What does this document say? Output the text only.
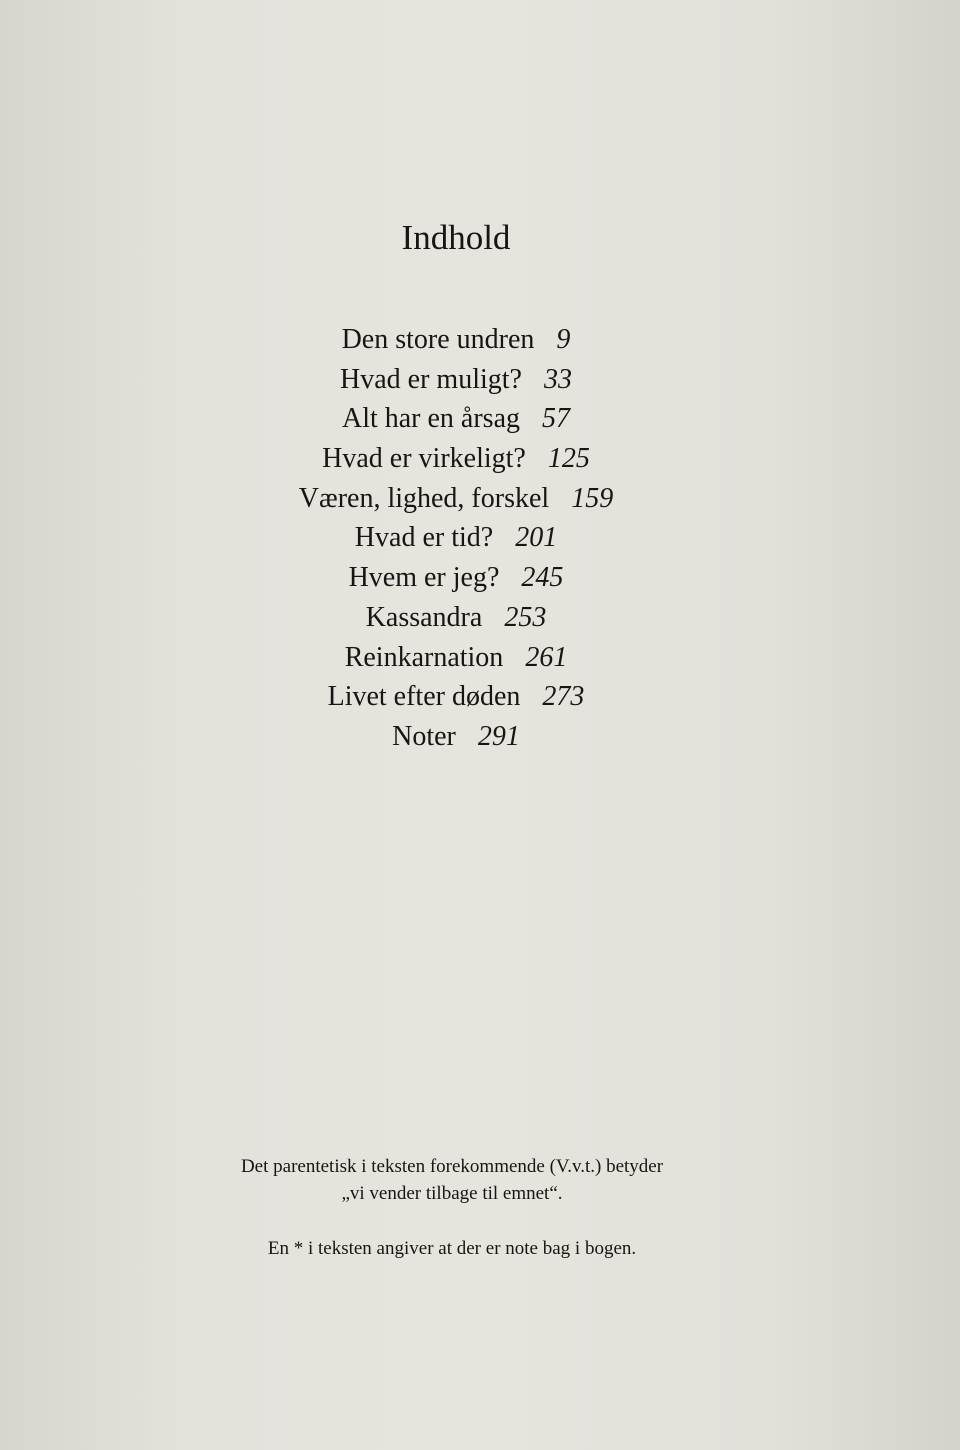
Indhold
Den store undren 9
Hvad er muligt? 33
Alt har en årsag 57
Hvad er virkeligt? 125
Væren, lighed, forskel 159
Hvad er tid? 201
Hvem er jeg? 245
Kassandra 253
Reinkarnation 261
Livet efter døden 273
Noter 291
Det parentetisk i teksten forekommende (V.v.t.) betyder
„vi vender tilbage til emnet“.
En * i teksten angiver at der er note bag i bogen.
